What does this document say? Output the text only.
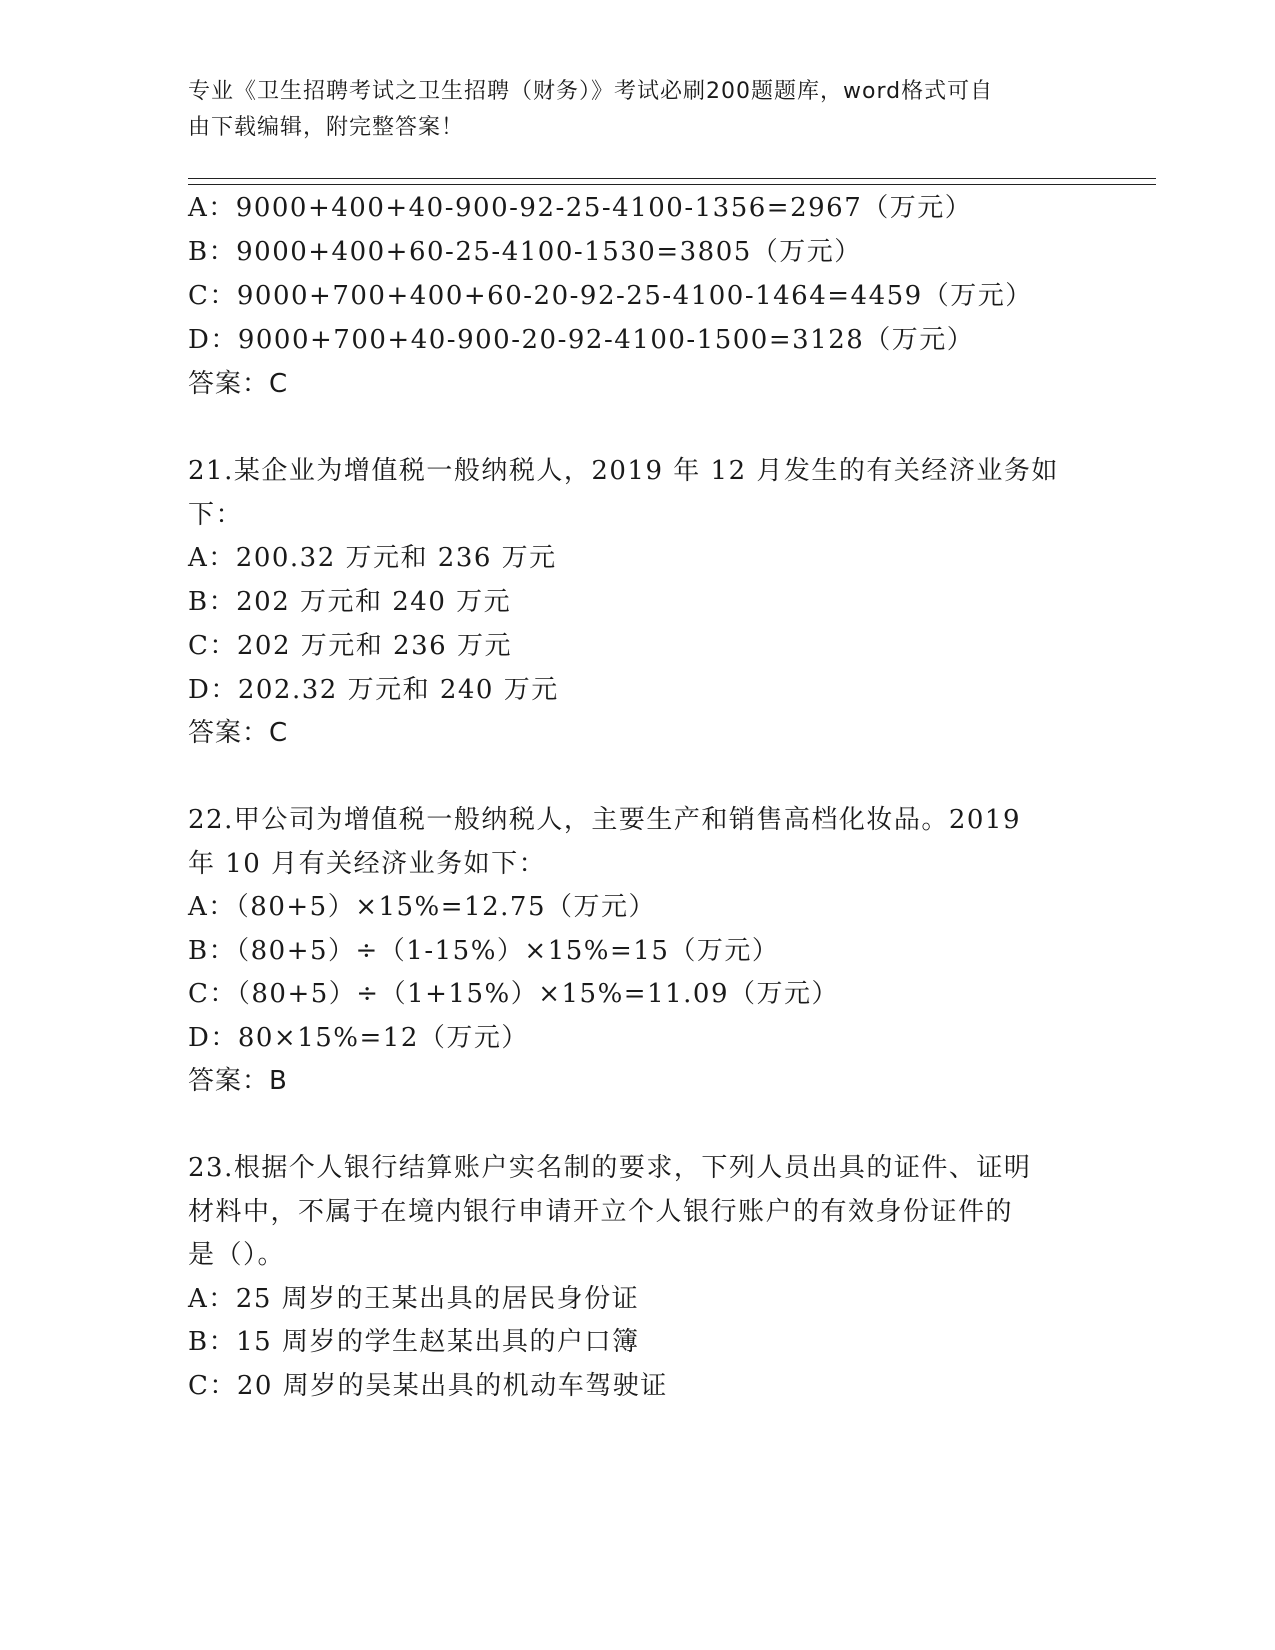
专业《卫生招聘考试之卫生招聘（财务）》考试必刷200题题库，word格式可自
由下载编辑，附完整答案！
A：9000+400+40-900-92-25-4100-1356=2967（万元）
B：9000+400+60-25-4100-1530=3805（万元）
C：9000+700+400+60-20-92-25-4100-1464=4459（万元）
D：9000+700+40-900-20-92-4100-1500=3128（万元）
答案：C
21.某企业为增值税一般纳税人，2019 年 12 月发生的有关经济业务如
下：
A：200.32 万元和 236 万元
B：202 万元和 240 万元
C：202 万元和 236 万元
D：202.32 万元和 240 万元
答案：C
22.甲公司为增值税一般纳税人，主要生产和销售高档化妆品。2019
年 10 月有关经济业务如下：
A：（80+5）×15%=12.75（万元）
B：（80+5）÷（1-15%）×15%=15（万元）
C：（80+5）÷（1+15%）×15%=11.09（万元）
D：80×15%=12（万元）
答案：B
23.根据个人银行结算账户实名制的要求，下列人员出具的证件、证明
材料中，不属于在境内银行申请开立个人银行账户的有效身份证件的
是（）。
A：25 周岁的王某出具的居民身份证
B：15 周岁的学生赵某出具的户口簿
C：20 周岁的吴某出具的机动车驾驶证
